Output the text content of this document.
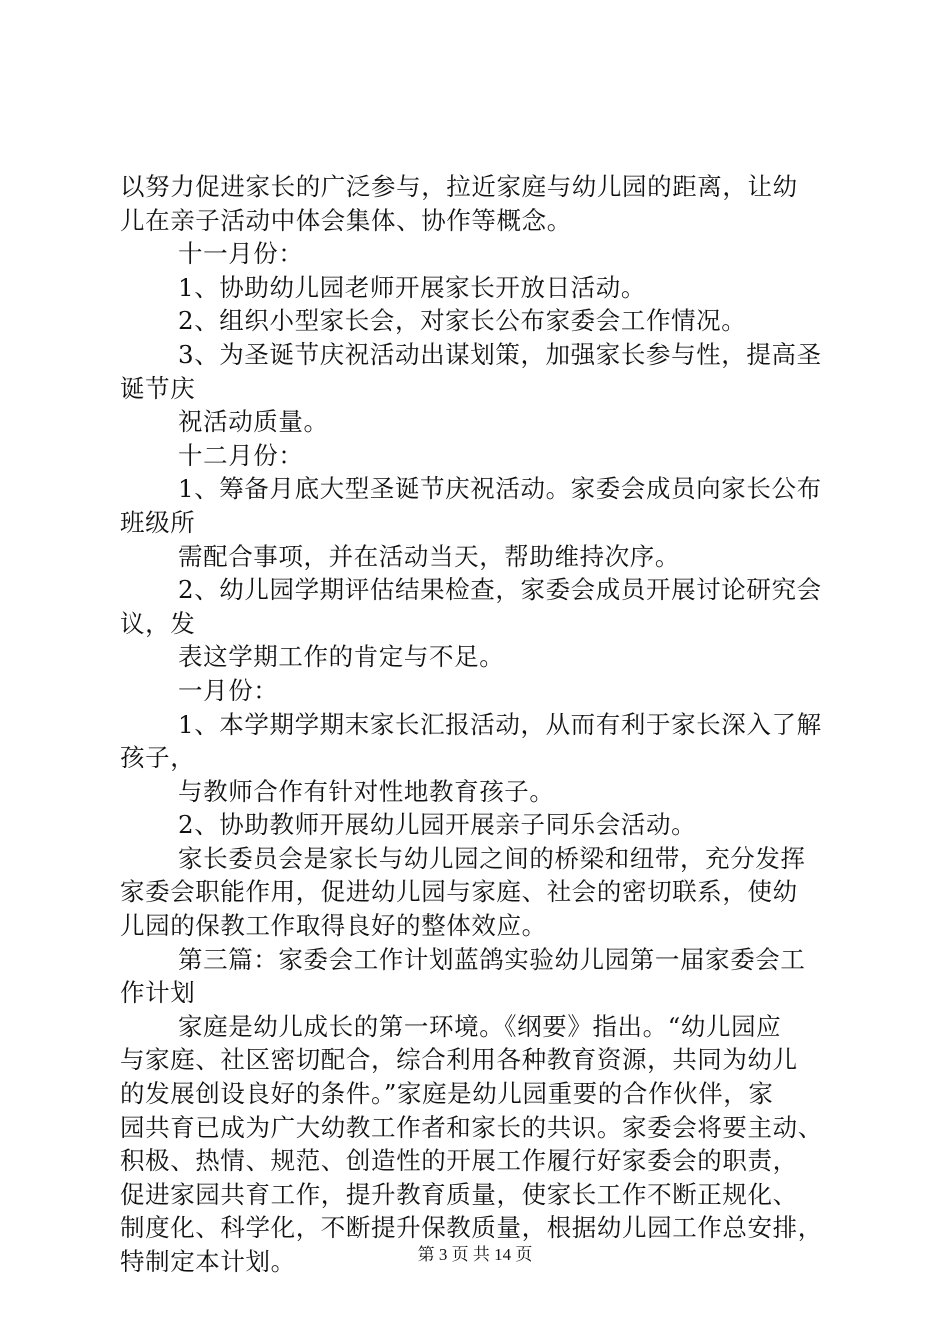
以努力促进家长的广泛参与，拉近家庭与幼儿园的距离，让幼
儿在亲子活动中体会集体、协作等概念。
十一月份：
1、协助幼儿园老师开展家长开放日活动。
2、组织小型家长会，对家长公布家委会工作情况。
3、为圣诞节庆祝活动出谋划策，加强家长参与性，提高圣
诞节庆
祝活动质量。
十二月份：
1、筹备月底大型圣诞节庆祝活动。家委会成员向家长公布
班级所
需配合事项，并在活动当天，帮助维持次序。
2、幼儿园学期评估结果检查，家委会成员开展讨论研究会
议，发
表这学期工作的肯定与不足。
一月份：
1、本学期学期末家长汇报活动，从而有利于家长深入了解
孩子，
与教师合作有针对性地教育孩子。
2、协助教师开展幼儿园开展亲子同乐会活动。
家长委员会是家长与幼儿园之间的桥梁和纽带，充分发挥
家委会职能作用，促进幼儿园与家庭、社会的密切联系，使幼
儿园的保教工作取得良好的整体效应。
第三篇：家委会工作计划蓝鸽实验幼儿园第一届家委会工
作计划
家庭是幼儿成长的第一环境。《纲要》指出。“幼儿园应
与家庭、社区密切配合，综合利用各种教育资源，共同为幼儿
的发展创设良好的条件。”家庭是幼儿园重要的合作伙伴，家
园共育已成为广大幼教工作者和家长的共识。家委会将要主动、
积极、热情、规范、创造性的开展工作履行好家委会的职责，
促进家园共育工作，提升教育质量，使家长工作不断正规化、
制度化、科学化，不断提升保教质量，根据幼儿园工作总安排，
特制定本计划。	第 3 页 共 14 页
